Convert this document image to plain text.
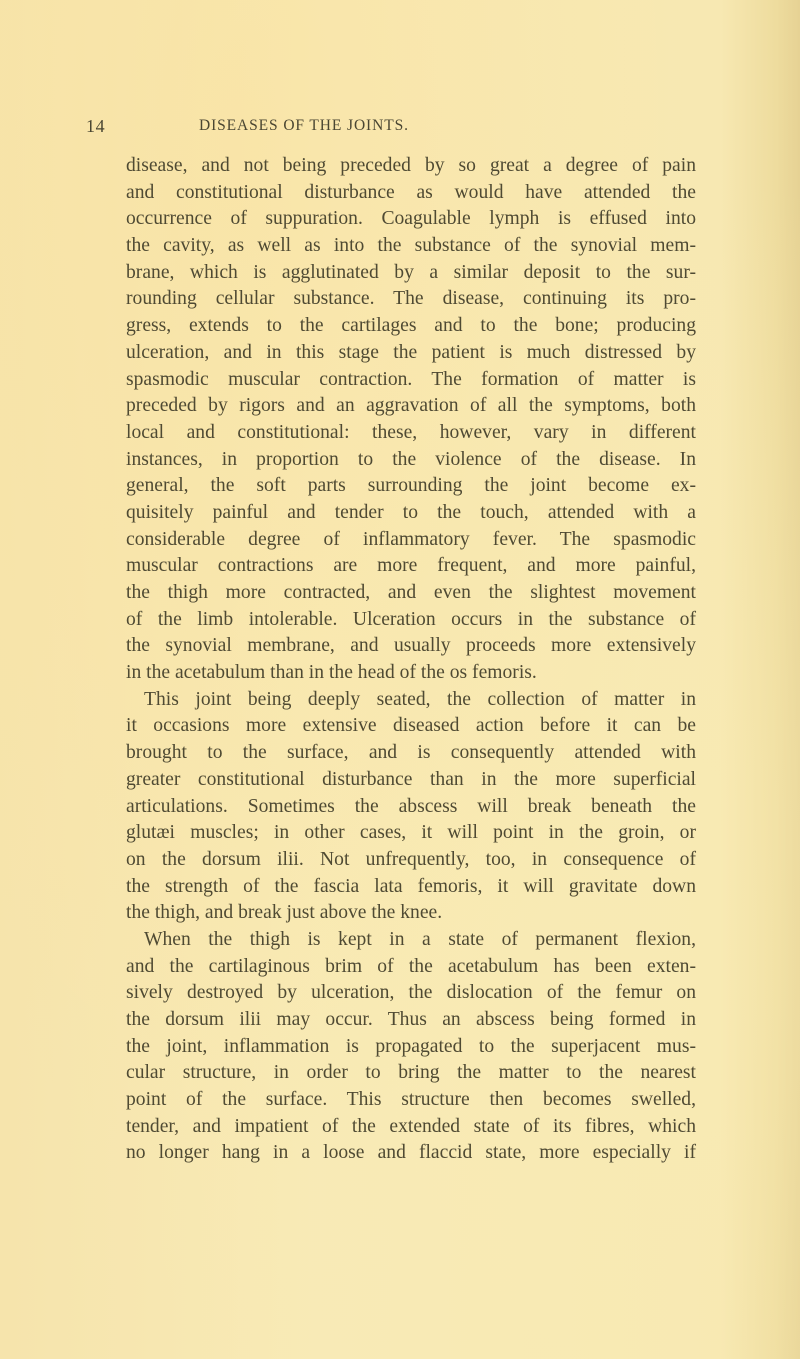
14	DISEASES OF THE JOINTS.
disease, and not being preceded by so great a degree of pain
and constitutional disturbance as would have attended the
occurrence of suppuration. Coagulable lymph is effused into
the cavity, as well as into the substance of the synovial mem-
brane, which is agglutinated by a similar deposit to the sur-
rounding cellular substance. The disease, continuing its pro-
gress, extends to the cartilages and to the bone; producing
ulceration, and in this stage the patient is much distressed by
spasmodic muscular contraction. The formation of matter is
preceded by rigors and an aggravation of all the symptoms, both
local and constitutional: these, however, vary in different
instances, in proportion to the violence of the disease. In
general, the soft parts surrounding the joint become ex-
quisitely painful and tender to the touch, attended with a
considerable degree of inflammatory fever. The spasmodic
muscular contractions are more frequent, and more painful,
the thigh more contracted, and even the slightest movement
of the limb intolerable. Ulceration occurs in the substance of
the synovial membrane, and usually proceeds more extensively
in the acetabulum than in the head of the os femoris.
This joint being deeply seated, the collection of matter in
it occasions more extensive diseased action before it can be
brought to the surface, and is consequently attended with
greater constitutional disturbance than in the more superficial
articulations. Sometimes the abscess will break beneath the
glutæi muscles; in other cases, it will point in the groin, or
on the dorsum ilii. Not unfrequently, too, in consequence of
the strength of the fascia lata femoris, it will gravitate down
the thigh, and break just above the knee.
When the thigh is kept in a state of permanent flexion,
and the cartilaginous brim of the acetabulum has been exten-
sively destroyed by ulceration, the dislocation of the femur on
the dorsum ilii may occur. Thus an abscess being formed in
the joint, inflammation is propagated to the superjacent mus-
cular structure, in order to bring the matter to the nearest
point of the surface. This structure then becomes swelled,
tender, and impatient of the extended state of its fibres, which
no longer hang in a loose and flaccid state, more especially if
